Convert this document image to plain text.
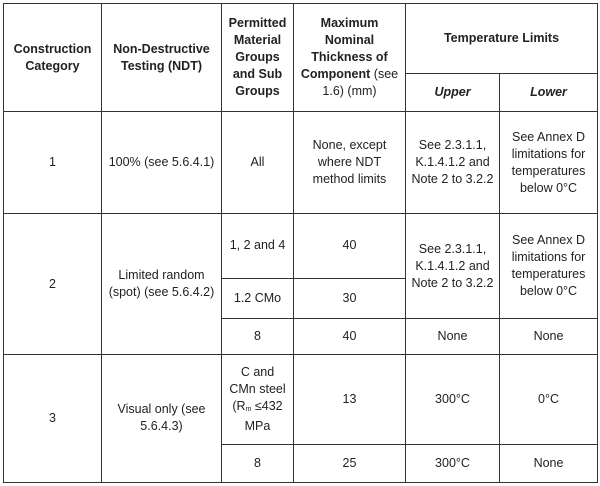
Construction Category	Non-Destructive Testing (NDT)	Permitted Material Groups and Sub Groups	Maximum Nominal Thickness of Component (see 1.6) (mm)	Temperature Limits	
				Upper	Lower
1	100% (see 5.6.4.1)	All	None, except where NDT method limits	See 2.3.1.1, K.1.4.1.2 and Note 2 to 3.2.2	See Annex D limitations for temperatures below 0°C
2	Limited random (spot) (see 5.6.4.2)	1, 2 and 4	40	See 2.3.1.1, K.1.4.1.2 and Note 2 to 3.2.2	See Annex D limitations for temperatures below 0°C
		1.2 CMo	30		
		8	40	None	None
3	Visual only (see 5.6.4.3)	C and CMn steel (Rm ≤432 MPa	13	300°C	0°C
		8	25	300°C	None
